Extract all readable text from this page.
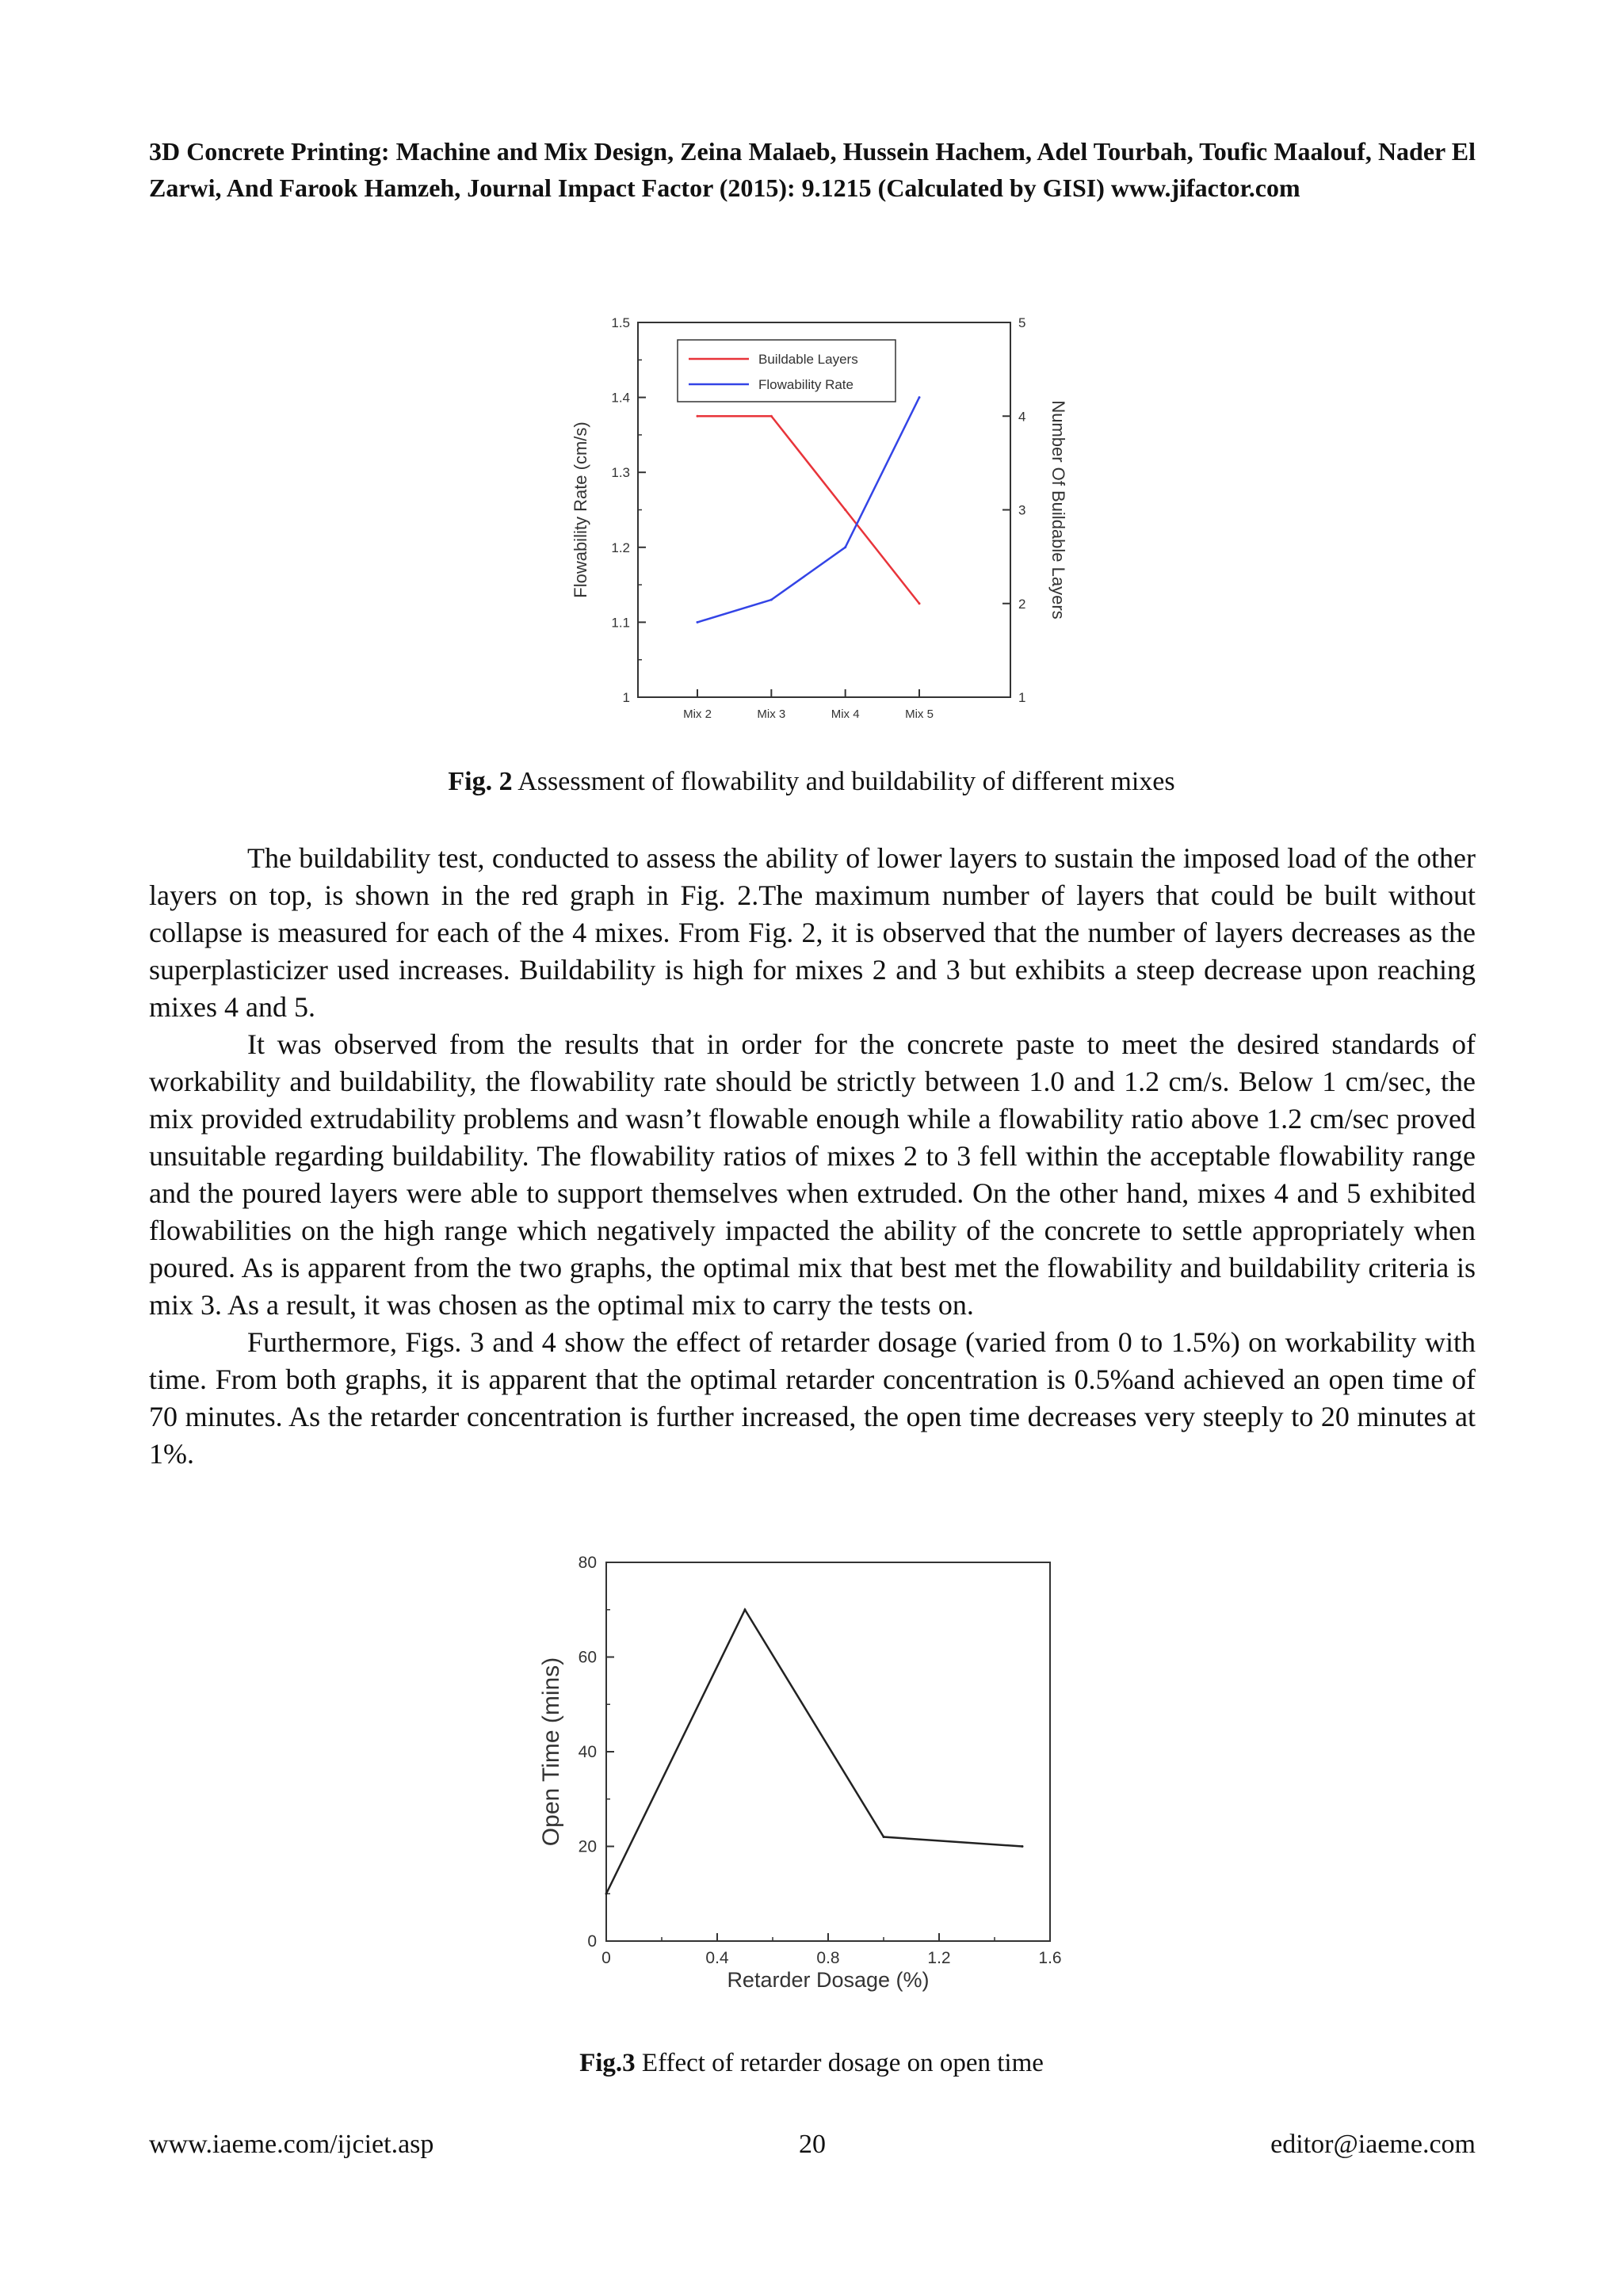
3D Concrete Printing: Machine and Mix Design, Zeina Malaeb, Hussein Hachem, Adel Tourbah, Toufic Maalouf, Nader El Zarwi, And Farook Hamzeh, Journal Impact Factor (2015): 9.1215 (Calculated by GISI) www.jifactor.com
1
1.1
1.2
1.3
1.4
1.5
1
2
3
4
5
Mix 2	Mix 3	Mix 4	Mix 5
Flowability Rate (cm/s)	Number Of Buildable Layers
Buildable Layers
Flowability Rate
Fig. 2 Assessment of flowability and buildability of different mixes

The buildability test, conducted to assess the ability of lower layers to sustain the imposed load of the other layers on top, is shown in the red graph in Fig. 2.The maximum number of layers that could be built without collapse is measured for each of the 4 mixes. From Fig. 2, it is observed that the number of layers decreases as the superplasticizer used increases. Buildability is high for mixes 2 and 3 but exhibits a steep decrease upon reaching mixes 4 and 5.

It was observed from the results that in order for the concrete paste to meet the desired standards of workability and buildability, the flowability rate should be strictly between 1.0 and 1.2 cm/s. Below 1 cm/sec, the mix provided extrudability problems and wasn’t flowable enough while a flowability ratio above 1.2 cm/sec proved unsuitable regarding buildability. The flowability ratios of mixes 2 to 3 fell within the acceptable flowability range and the poured layers were able to support themselves when extruded. On the other hand, mixes 4 and 5 exhibited flowabilities on the high range which negatively impacted the ability of the concrete to settle appropriately when poured. As is apparent from the two graphs, the optimal mix that best met the flowability and buildability criteria is mix 3. As a result, it was chosen as the optimal mix to carry the tests on.

Furthermore, Figs. 3 and 4 show the effect of retarder dosage (varied from 0 to 1.5%) on workability with time. From both graphs, it is apparent that the optimal retarder concentration is 0.5%and achieved an open time of 70 minutes. As the retarder concentration is further increased, the open time decreases very steeply to 20 minutes at 1%.

0
20
40
60
80
0	0.4	0.8	1.2	1.6
Retarder Dosage (%)
Open Time (mins)
Fig.3 Effect of retarder dosage on open time
www.iaeme.com/ijciet.asp	20	editor@iaeme.com
